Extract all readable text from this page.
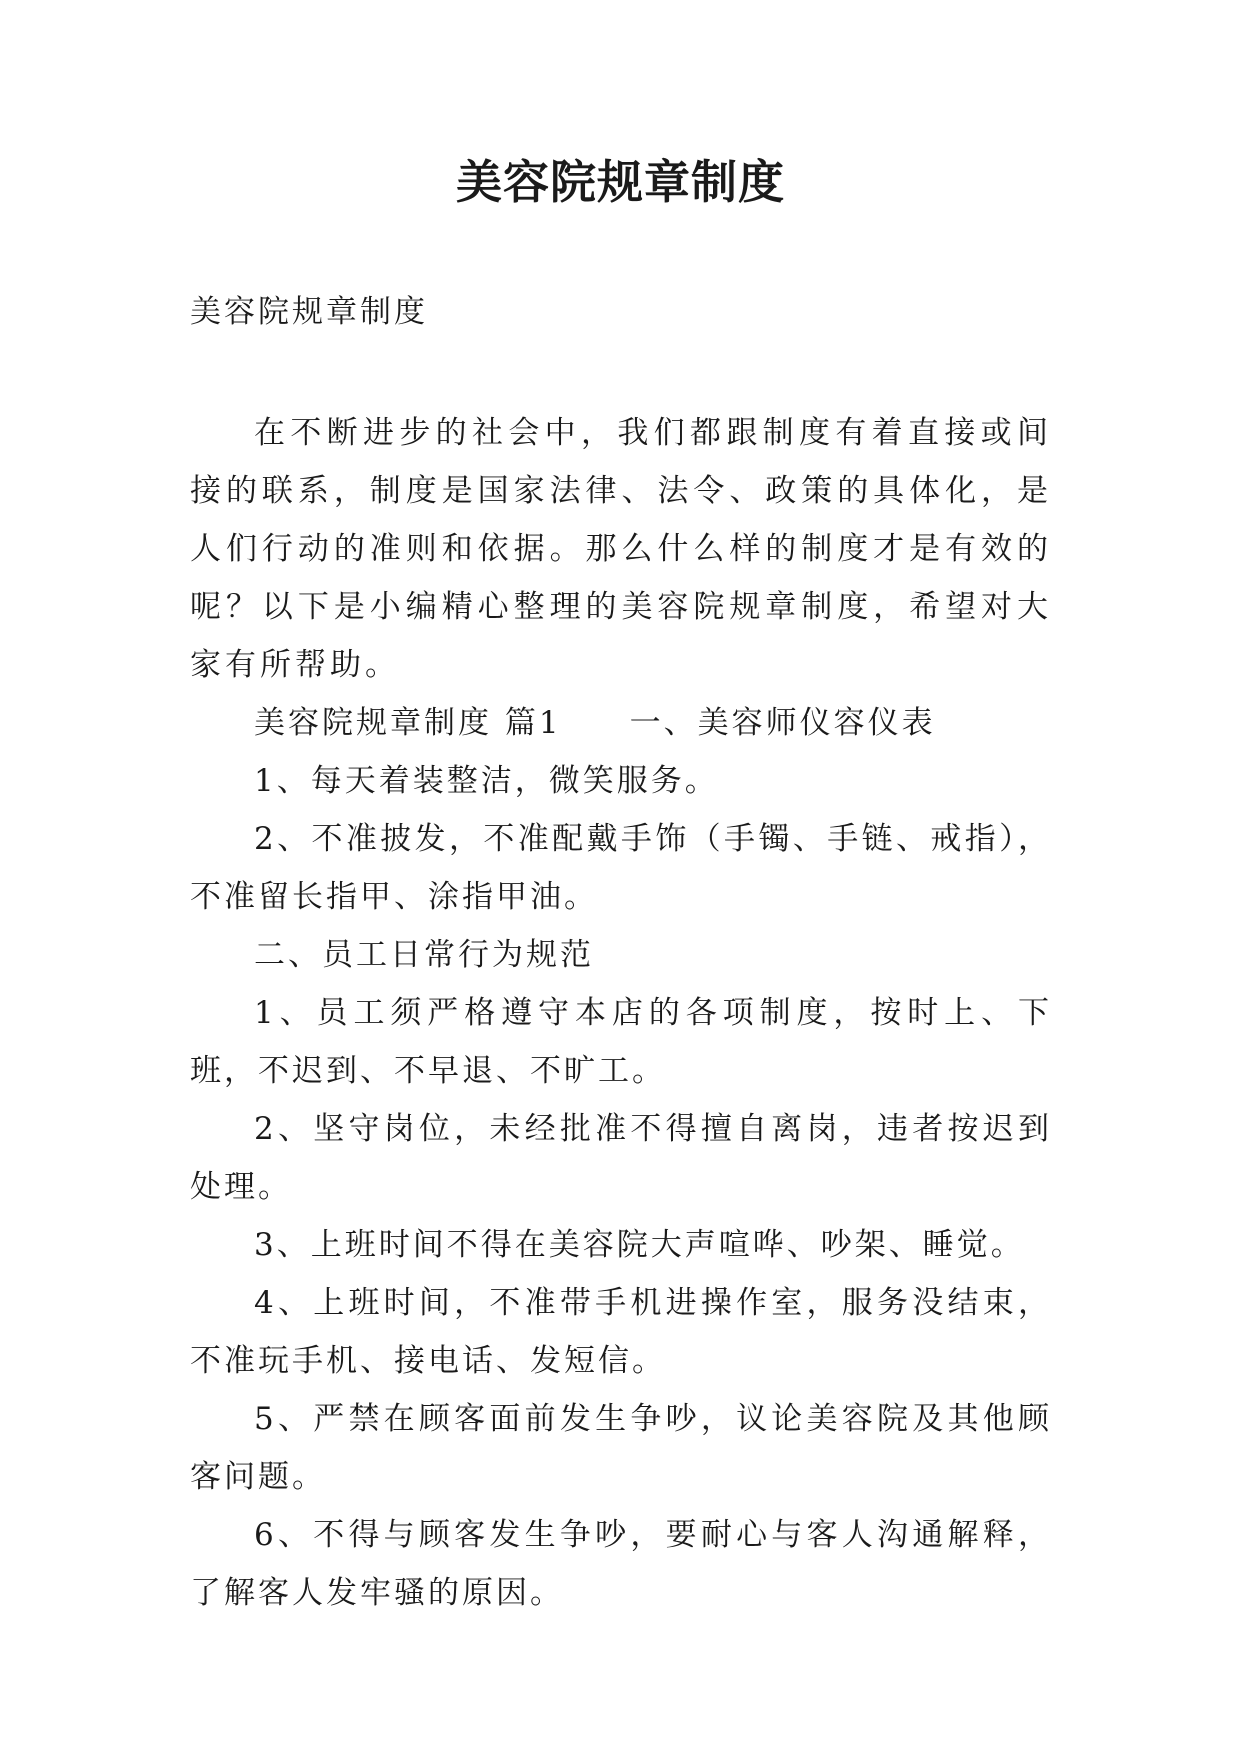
美容院规章制度

美容院规章制度

在不断进步的社会中，我们都跟制度有着直接或间接的联系，制度是国家法律、法令、政策的具体化，是人们行动的准则和依据。那么什么样的制度才是有效的呢？以下是小编精心整理的美容院规章制度，希望对大家有所帮助。

美容院规章制度 篇1　　一、美容师仪容仪表

1、每天着装整洁，微笑服务。

2、不准披发，不准配戴手饰（手镯、手链、戒指），不准留长指甲、涂指甲油。

二、员工日常行为规范

1、员工须严格遵守本店的各项制度，按时上、下班，不迟到、不早退、不旷工。

2、坚守岗位，未经批准不得擅自离岗，违者按迟到处理。

3、上班时间不得在美容院大声喧哗、吵架、睡觉。

4、上班时间，不准带手机进操作室，服务没结束，不准玩手机、接电话、发短信。

5、严禁在顾客面前发生争吵，议论美容院及其他顾客问题。

6、不得与顾客发生争吵，要耐心与客人沟通解释，了解客人发牢骚的原因。
